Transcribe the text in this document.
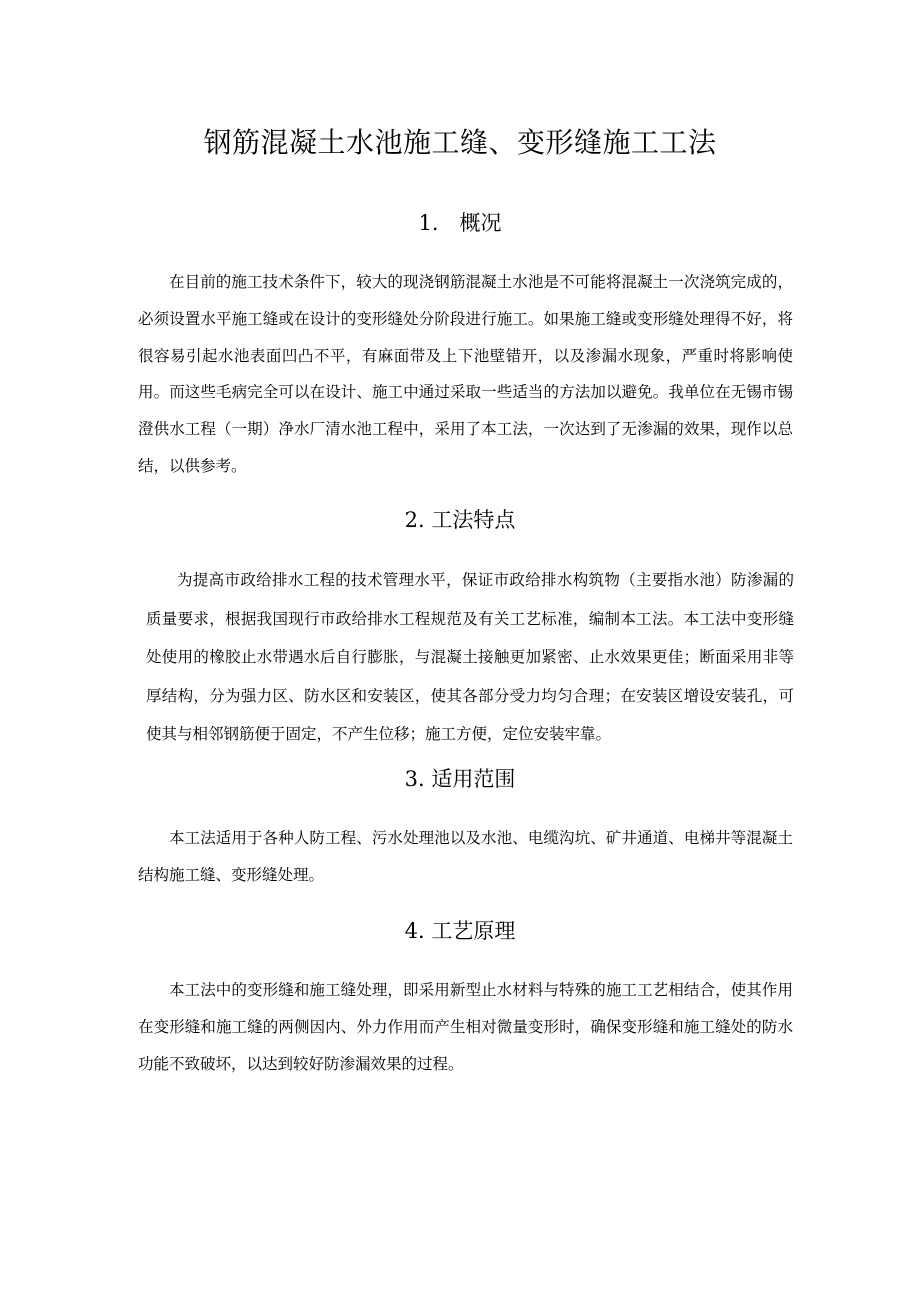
钢筋混凝土水池施工缝、变形缝施工工法
1.　概况

在目前的施工技术条件下，较大的现浇钢筋混凝土水池是不可能将混凝土一次浇筑完成的，必须设置水平施工缝或在设计的变形缝处分阶段进行施工。如果施工缝或变形缝处理得不好，将很容易引起水池表面凹凸不平，有麻面带及上下池壁错开，以及渗漏水现象，严重时将影响使用。而这些毛病完全可以在设计、施工中通过采取一些适当的方法加以避免。我单位在无锡市锡澄供水工程（一期）净水厂清水池工程中，采用了本工法，一次达到了无渗漏的效果，现作以总结，以供参考。

2. 工法特点

为提高市政给排水工程的技术管理水平，保证市政给排水构筑物（主要指水池）防渗漏的质量要求，根据我国现行市政给排水工程规范及有关工艺标准，编制本工法。本工法中变形缝处使用的橡胶止水带遇水后自行膨胀，与混凝土接触更加紧密、止水效果更佳；断面采用非等厚结构，分为强力区、防水区和安装区，使其各部分受力均匀合理；在安装区增设安装孔，可使其与相邻钢筋便于固定，不产生位移；施工方便，定位安装牢靠。

3. 适用范围

本工法适用于各种人防工程、污水处理池以及水池、电缆沟坑、矿井通道、电梯井等混凝土结构施工缝、变形缝处理。

4. 工艺原理

本工法中的变形缝和施工缝处理，即采用新型止水材料与特殊的施工工艺相结合，使其作用在变形缝和施工缝的两侧因内、外力作用而产生相对微量变形时，确保变形缝和施工缝处的防水功能不致破坏，以达到较好防渗漏效果的过程。
